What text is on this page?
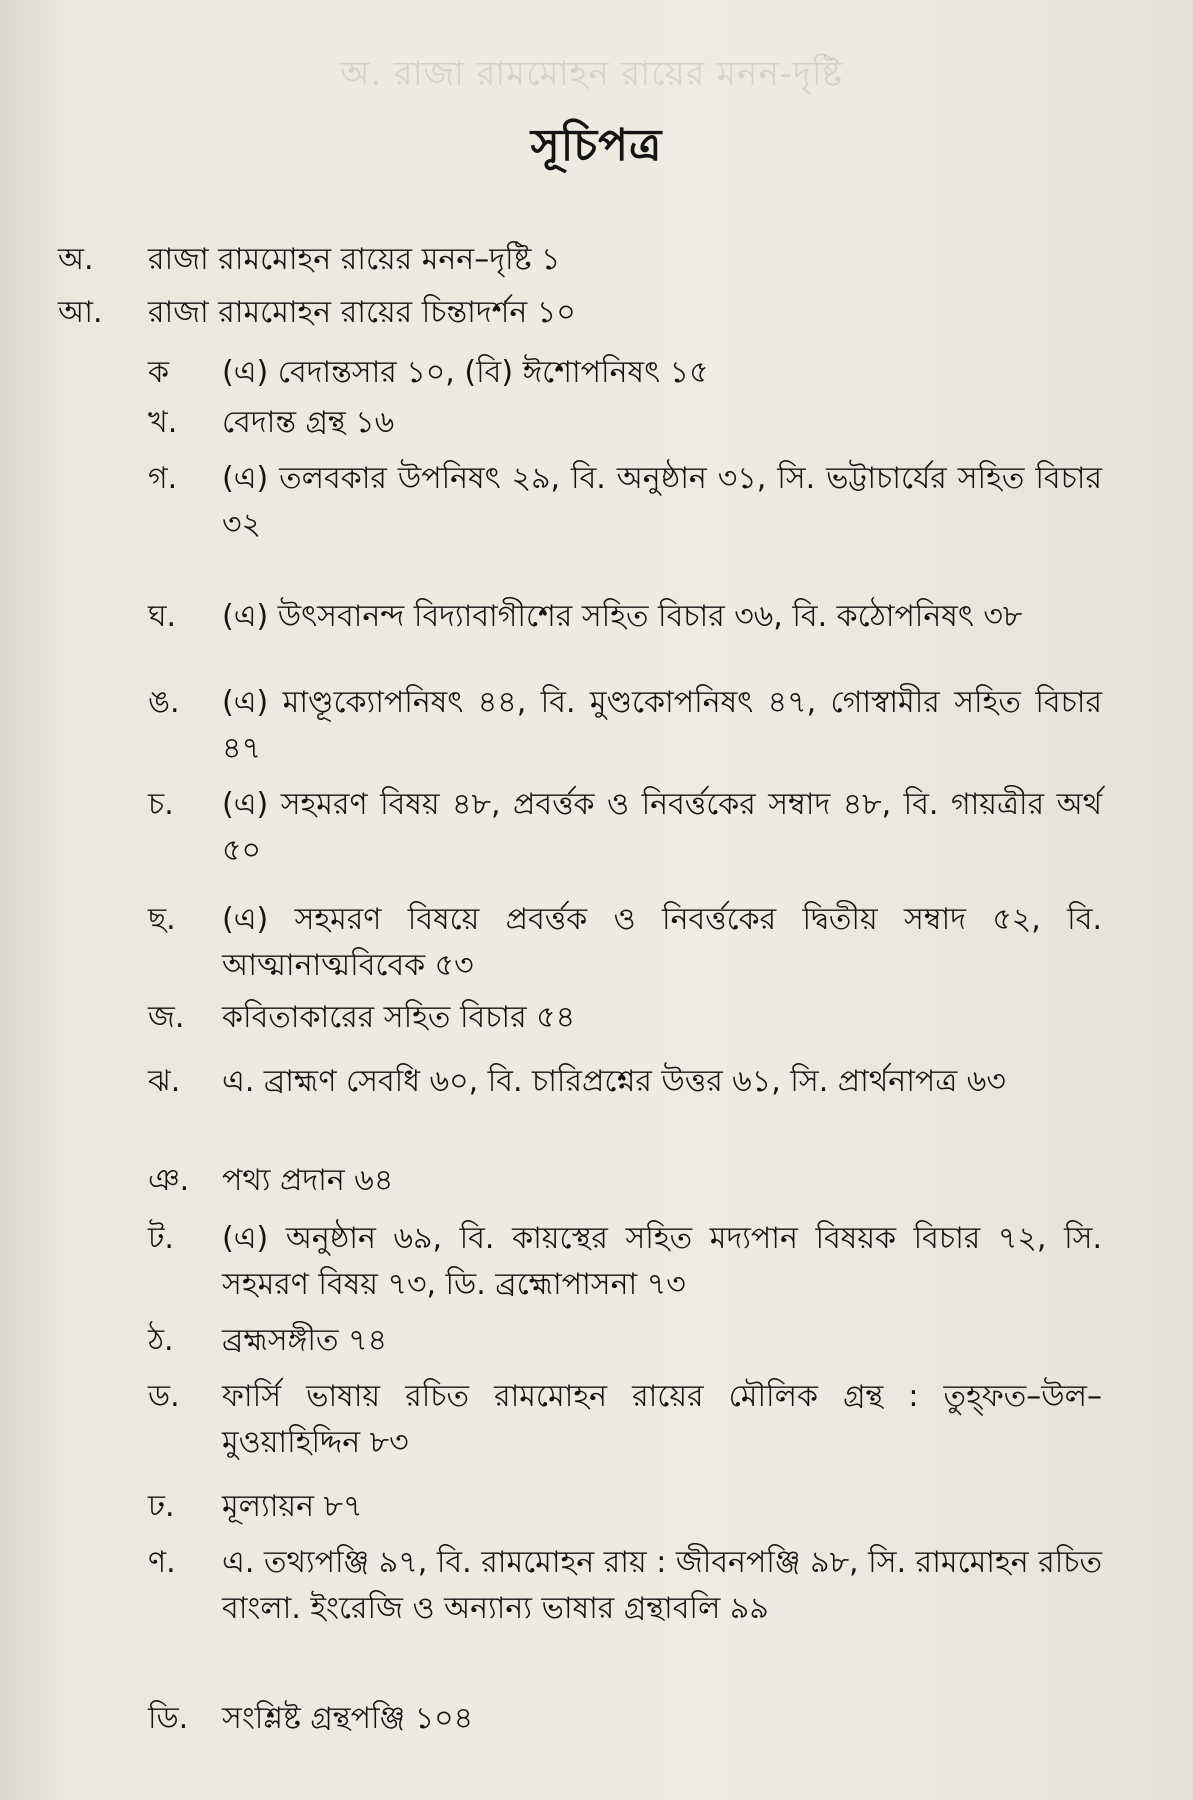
অ. রাজা রামমোহন রায়ের মনন-দৃষ্টি
সূচিপত্র
অ. রাজা রামমোহন রায়ের মনন–দৃষ্টি ১
আ. রাজা রামমোহন রায়ের চিন্তাদর্শন ১০
ক (এ) বেদান্তসার ১০, (বি) ঈশোপনিষৎ ১৫
খ. বেদান্ত গ্রন্থ ১৬
গ. (এ) তলবকার উপনিষৎ ২৯, বি. অনুষ্ঠান ৩১, সি. ভট্টাচার্যের সহিত বিচার ৩২
ঘ. (এ) উৎসবানন্দ বিদ্যাবাগীশের সহিত বিচার ৩৬, বি. কঠোপনিষৎ ৩৮
ঙ. (এ) মাণ্ডূক্যোপনিষৎ ৪৪, বি. মুণ্ডকোপনিষৎ ৪৭, গোস্বামীর সহিত বিচার ৪৭
চ. (এ) সহমরণ বিষয় ৪৮, প্রবর্ত্তক ও নিবর্ত্তকের সম্বাদ ৪৮, বি. গায়ত্রীর অর্থ ৫০
ছ. (এ) সহমরণ বিষয়ে প্রবর্ত্তক ও নিবর্ত্তকের দ্বিতীয় সম্বাদ ৫২, বি. আত্মানাত্মবিবেক ৫৩
জ. কবিতাকারের সহিত বিচার ৫৪
ঝ. এ. ব্রাহ্মণ সেবধি ৬০, বি. চারিপ্রশ্নের উত্তর ৬১, সি. প্রার্থনাপত্র ৬৩
ঞ. পথ্য প্রদান ৬৪
ট. (এ) অনুষ্ঠান ৬৯, বি. কায়স্থের সহিত মদ্যপান বিষয়ক বিচার ৭২, সি. সহমরণ বিষয় ৭৩, ডি. ব্রহ্মোপাসনা ৭৩
ঠ. ব্রহ্মসঙ্গীত ৭৪
ড. ফার্সি ভাষায় রচিত রামমোহন রায়ের মৌলিক গ্রন্থ : তুহ্‌ফত–উল–মুওয়াহিদ্দিন ৮৩
ঢ. মূল্যায়ন ৮৭
ণ. এ. তথ্যপঞ্জি ৯৭, বি. রামমোহন রায় : জীবনপঞ্জি ৯৮, সি. রামমোহন রচিত বাংলা. ইংরেজি ও অন্যান্য ভাষার গ্রন্থাবলি ৯৯
ডি. সংশ্লিষ্ট গ্রন্থপঞ্জি ১০৪
